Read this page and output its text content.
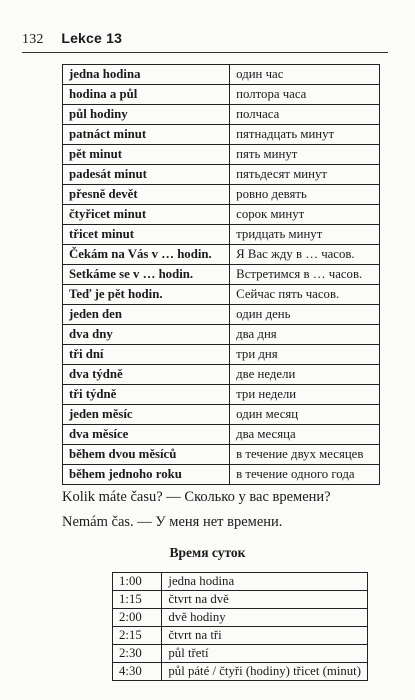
132 Lekce 13
jedna hodina	один час
hodina a půl	полтора часа
půl hodiny	полчаса
patnáct minut	пятнадцать минут
pět minut	пять минут
padesát minut	пятьдесят минут
přesně devět	ровно девять
čtyřicet minut	сорок минут
třicet minut	тридцать минут
Čekám na Vás v … hodin.	Я Вас жду в … часов.
Setkáme se v … hodin.	Встретимся в … часов.
Teď je pět hodin.	Сейчас пять часов.
jeden den	один день
dva dny	два дня
tři dní	три дня
dva týdně	две недели
tři týdně	три недели
jeden měsíc	один месяц
dva měsíce	два месяца
během dvou měsíců	в течение двух месяцев
během jednoho roku	в течение одного года
Kolik máte času? — Сколько у вас времени?
Nemám čas. — У меня нет времени.
Время суток
1:00	jedna hodina
1:15	čtvrt na dvě
2:00	dvě hodiny
2:15	čtvrt na tři
2:30	půl třetí
4:30	půl páté / čtyři (hodiny) třicet (minut)
